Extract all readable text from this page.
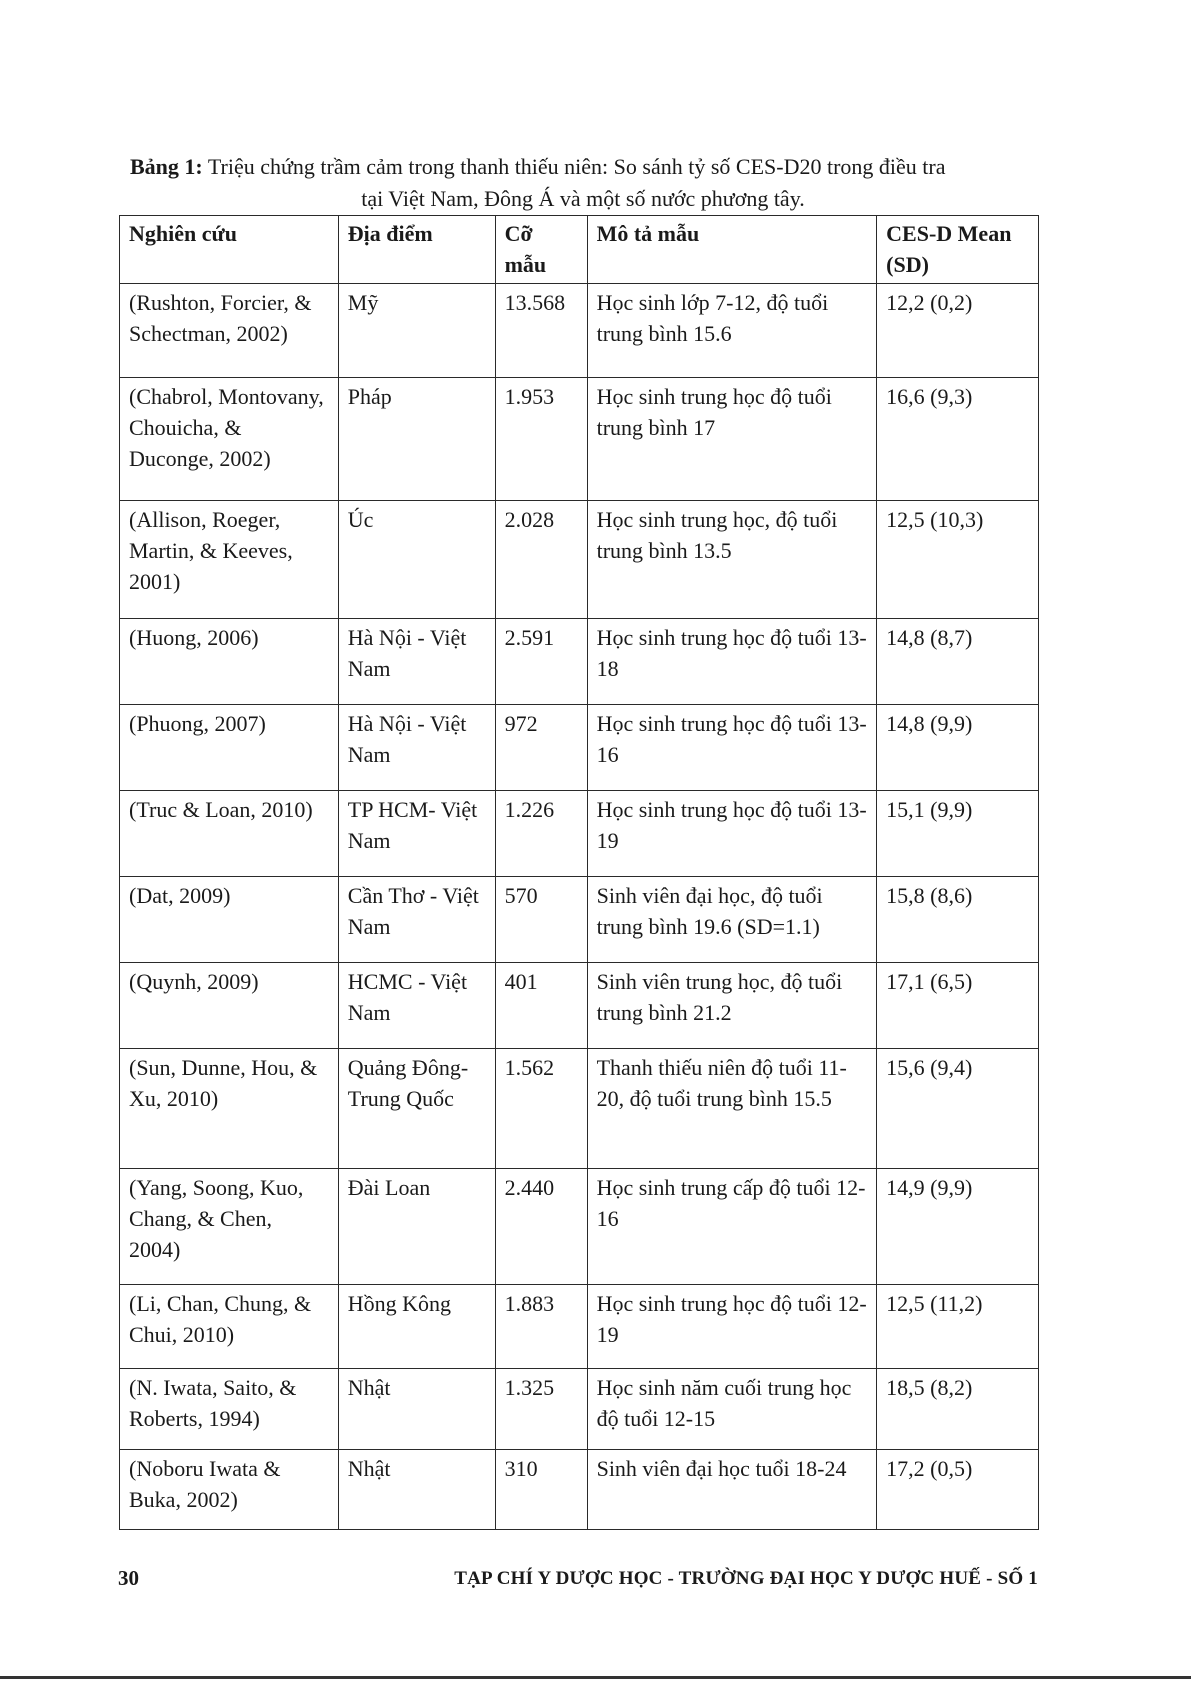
Bảng 1: Triệu chứng trầm cảm trong thanh thiếu niên: So sánh tỷ số CES-D20 trong điều tra
tại Việt Nam, Đông Á và một số nước phương tây.
Nghiên cứu	Địa điểm	Cỡ mẫu	Mô tả mẫu	CES-D Mean (SD)
(Rushton, Forcier, & Schectman, 2002)	Mỹ	13.568	Học sinh lớp 7-12, độ tuổi trung bình 15.6	12,2 (0,2)
(Chabrol, Montovany, Chouicha, & Duconge, 2002)	Pháp	1.953	Học sinh trung học độ tuổi trung bình 17	16,6 (9,3)
(Allison, Roeger, Martin, & Keeves, 2001)	Úc	2.028	Học sinh trung học, độ tuổi trung bình 13.5	12,5 (10,3)
(Huong, 2006)	Hà Nội - Việt Nam	2.591	Học sinh trung học độ tuổi 13-18	14,8 (8,7)
(Phuong, 2007)	Hà Nội - Việt Nam	972	Học sinh trung học độ tuổi 13-16	14,8 (9,9)
(Truc & Loan, 2010)	TP HCM- Việt Nam	1.226	Học sinh trung học độ tuổi 13-19	15,1 (9,9)
(Dat, 2009)	Cần Thơ - Việt Nam	570	Sinh viên đại học, độ tuổi trung bình 19.6 (SD=1.1)	15,8 (8,6)
(Quynh, 2009)	HCMC - Việt Nam	401	Sinh viên trung học, độ tuổi trung bình 21.2	17,1 (6,5)
(Sun, Dunne, Hou, & Xu, 2010)	Quảng Đông- Trung Quốc	1.562	Thanh thiếu niên độ tuổi 11-20, độ tuổi trung bình 15.5	15,6 (9,4)
(Yang, Soong, Kuo, Chang, & Chen, 2004)	Đài Loan	2.440	Học sinh trung cấp độ tuổi 12-16	14,9 (9,9)
(Li, Chan, Chung, & Chui, 2010)	Hồng Kông	1.883	Học sinh trung học độ tuổi 12-19	12,5 (11,2)
(N. Iwata, Saito, & Roberts, 1994)	Nhật	1.325	Học sinh năm cuối trung học độ tuổi 12-15	18,5 (8,2)
(Noboru Iwata & Buka, 2002)	Nhật	310	Sinh viên đại học tuổi 18-24	17,2 (0,5)
30	TẠP CHÍ Y DƯỢC HỌC - TRƯỜNG ĐẠI HỌC Y DƯỢC HUẾ - SỐ 1
